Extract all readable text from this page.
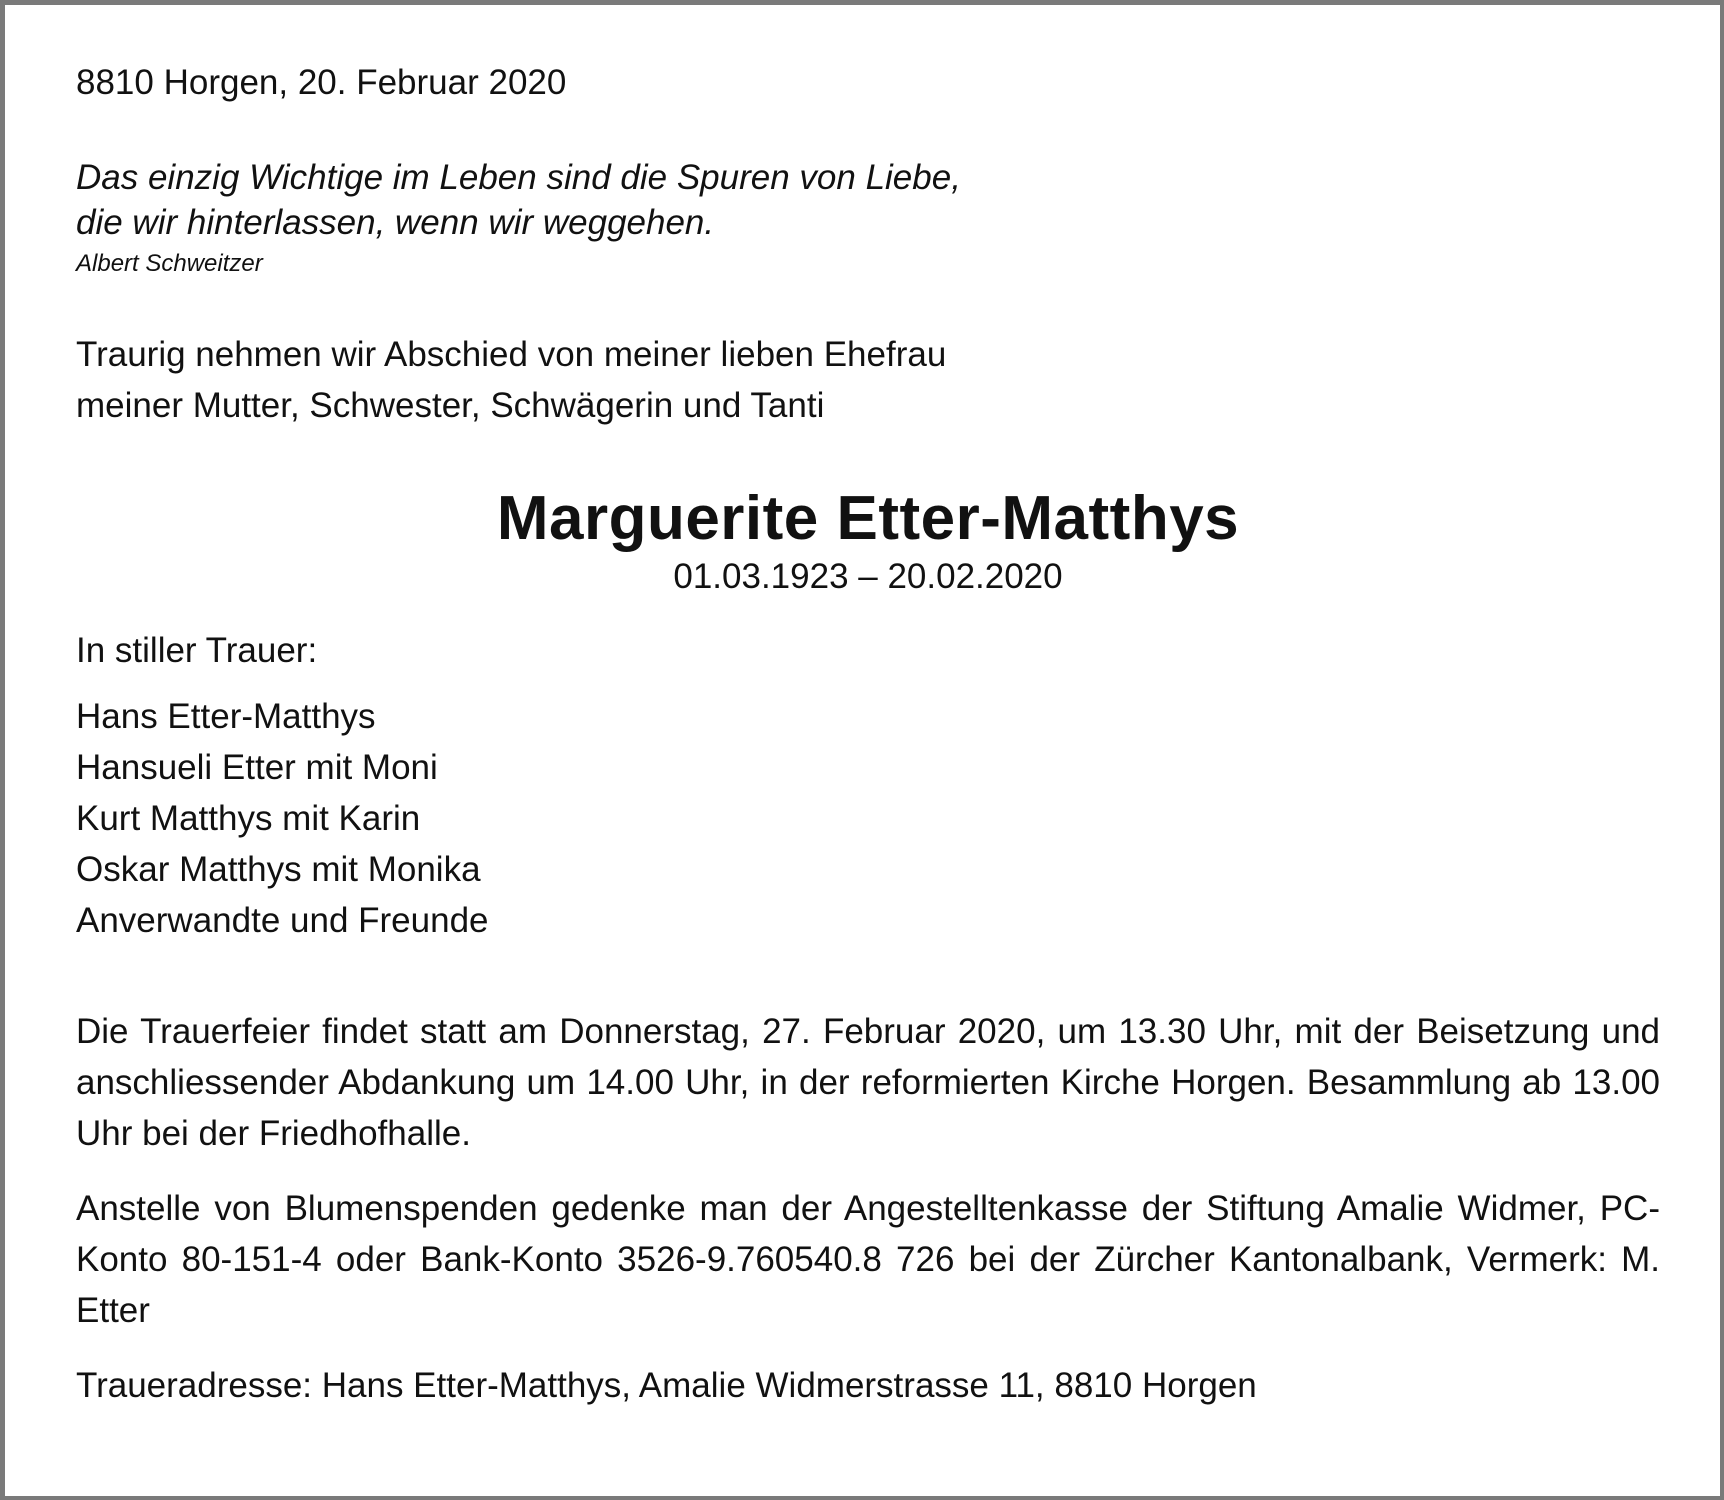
8810 Horgen, 20. Februar 2020

Das einzig Wichtige im Leben sind die Spuren von Liebe,
die wir hinterlassen, wenn wir weggehen.
Albert Schweitzer
Traurig nehmen wir Abschied von meiner lieben Ehefrau
meiner Mutter, Schwester, Schwägerin und Tanti
Marguerite Etter-Matthys
01.03.1923 – 20.02.2020
In stiller Trauer:
Hans Etter-Matthys
Hansueli Etter mit Moni
Kurt Matthys mit Karin
Oskar Matthys mit Monika
Anverwandte und Freunde

Die Trauerfeier findet statt am Donnerstag, 27. Februar 2020, um 13.30 Uhr, mit der Beisetzung und anschliessender Abdankung um 14.00 Uhr, in der reformierten Kirche Horgen. Besammlung ab 13.00 Uhr bei der Friedhofhalle.

Anstelle von Blumenspenden gedenke man der Angestelltenkasse der Stiftung Amalie Widmer, PC-Konto 80-151-4 oder Bank-Konto 3526-9.760540.8 726 bei der Zürcher Kantonalbank, Vermerk: M. Etter

Traueradresse: Hans Etter-Matthys, Amalie Widmerstrasse 11, 8810 Horgen
